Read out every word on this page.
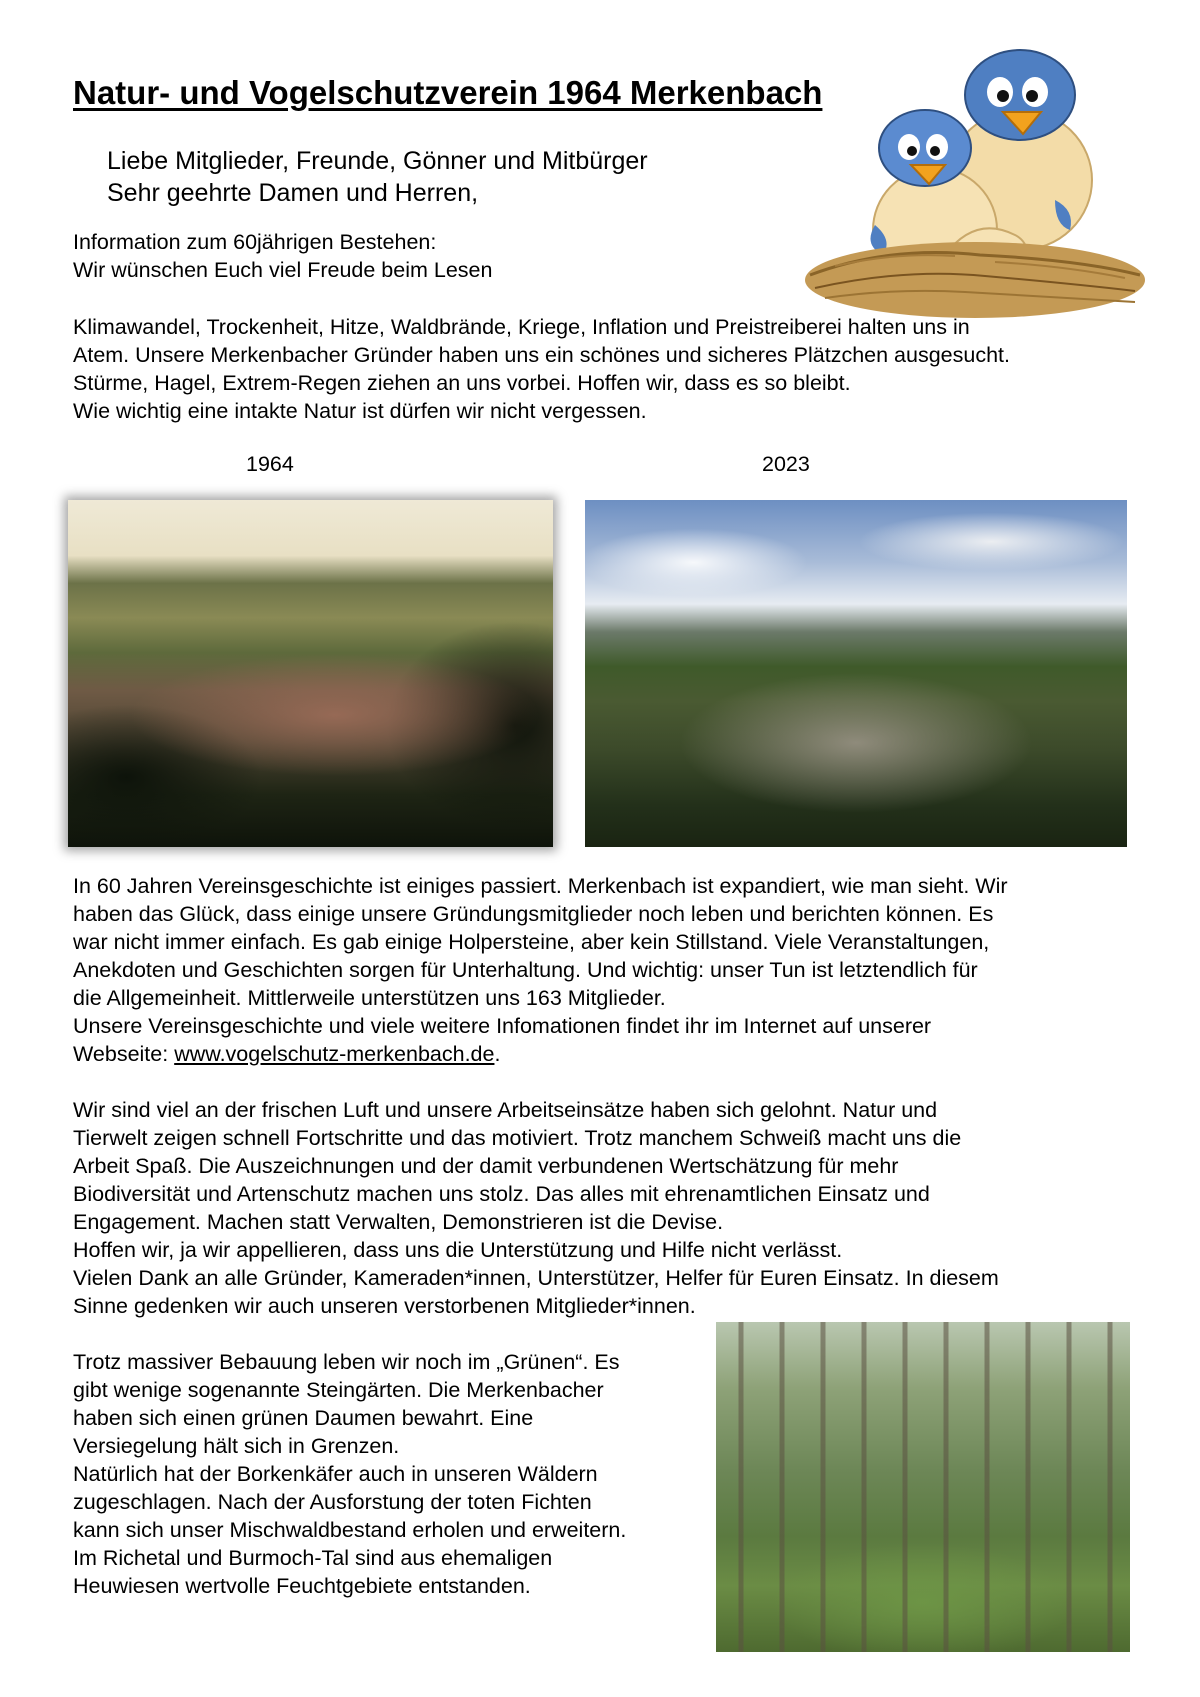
Natur- und Vogelschutzverein 1964 Merkenbach
Liebe Mitglieder, Freunde, Gönner und Mitbürger
Sehr geehrte Damen und Herren,
Information zum 60jährigen Bestehen:
Wir wünschen Euch viel Freude beim Lesen
Klimawandel, Trockenheit, Hitze, Waldbrände, Kriege, Inflation und Preistreiberei halten uns in
Atem. Unsere Merkenbacher Gründer haben uns ein schönes und sicheres Plätzchen ausgesucht.
Stürme, Hagel, Extrem-Regen ziehen an uns vorbei. Hoffen wir, dass es so bleibt.
Wie wichtig eine intakte Natur ist dürfen wir nicht vergessen.
1964	2023
In 60 Jahren Vereinsgeschichte ist einiges passiert. Merkenbach ist expandiert, wie man sieht. Wir
haben das Glück, dass einige unsere Gründungsmitglieder noch leben und berichten können. Es
war nicht immer einfach. Es gab einige Holpersteine, aber kein Stillstand. Viele Veranstaltungen,
Anekdoten und Geschichten sorgen für Unterhaltung. Und wichtig: unser Tun ist letztendlich für
die Allgemeinheit. Mittlerweile unterstützen uns 163 Mitglieder.
Unsere Vereinsgeschichte und viele weitere Infomationen findet ihr im Internet auf unserer
Webseite: www.vogelschutz-merkenbach.de.
Wir sind viel an der frischen Luft und unsere Arbeitseinsätze haben sich gelohnt. Natur und
Tierwelt zeigen schnell Fortschritte und das motiviert. Trotz manchem Schweiß macht uns die
Arbeit Spaß. Die Auszeichnungen und der damit verbundenen Wertschätzung für mehr
Biodiversität und Artenschutz machen uns stolz. Das alles mit ehrenamtlichen Einsatz und
Engagement. Machen statt Verwalten, Demonstrieren ist die Devise.
Hoffen wir, ja wir appellieren, dass uns die Unterstützung und Hilfe nicht verlässt.
Vielen Dank an alle Gründer, Kameraden*innen, Unterstützer, Helfer für Euren Einsatz. In diesem
Sinne gedenken wir auch unseren verstorbenen Mitglieder*innen.
Trotz massiver Bebauung leben wir noch im „Grünen“. Es
gibt wenige sogenannte Steingärten. Die Merkenbacher
haben sich einen grünen Daumen bewahrt. Eine
Versiegelung hält sich in Grenzen.
Natürlich hat der Borkenkäfer auch in unseren Wäldern
zugeschlagen. Nach der Ausforstung der toten Fichten
kann sich unser Mischwaldbestand erholen und erweitern.
Im Richetal und Burmoch-Tal sind aus ehemaligen
Heuwiesen wertvolle Feuchtgebiete entstanden.
